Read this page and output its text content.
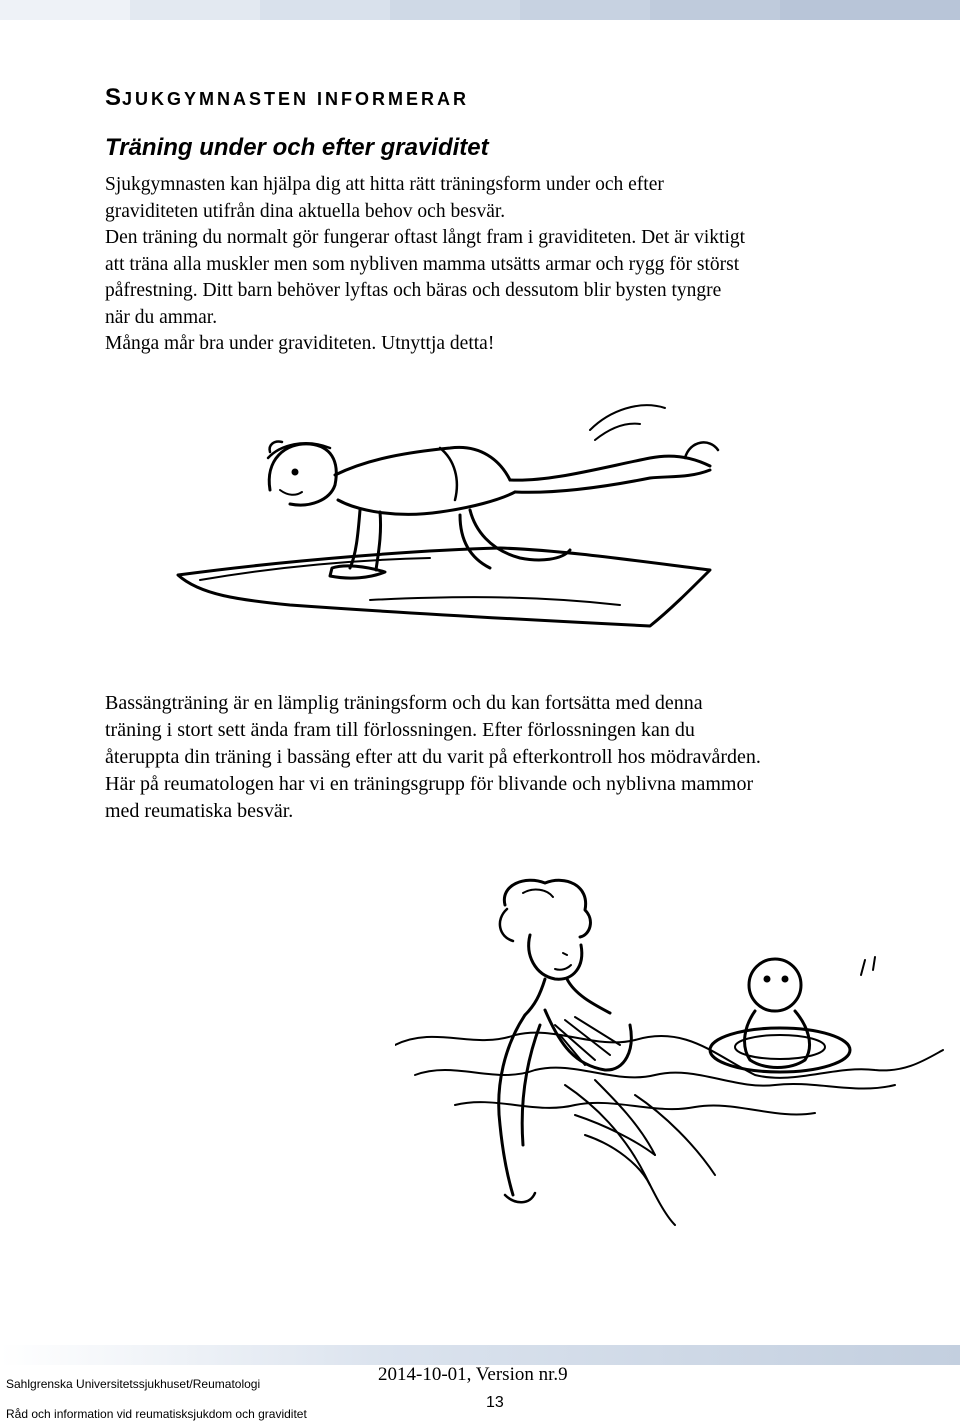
SJUKGYMNASTEN INFORMERAR
Träning under och efter graviditet
Sjukgymnasten kan hjälpa dig att hitta rätt träningsform under och efter
graviditeten utifrån dina aktuella behov och besvär.
Den träning du normalt gör fungerar oftast långt fram i graviditeten. Det är viktigt
att träna alla muskler men som nybliven mamma utsätts armar och rygg för störst
påfrestning. Ditt barn behöver lyftas och bäras och dessutom blir bysten tyngre
när du ammar.
Många mår bra under graviditeten. Utnyttja detta!
Bassängträning är en lämplig träningsform och du kan fortsätta med denna
träning i stort sett ända fram till förlossningen. Efter förlossningen kan du
återuppta din träning i bassäng efter att du varit på efterkontroll hos mödravården.
Här på reumatologen har vi en träningsgrupp för blivande och nyblivna mammor
med reumatiska besvär.
Sahlgrenska Universitetssjukhuset/Reumatologi
Råd och information vid reumatisksjukdom och graviditet
2014-10-01, Version nr.9
13
